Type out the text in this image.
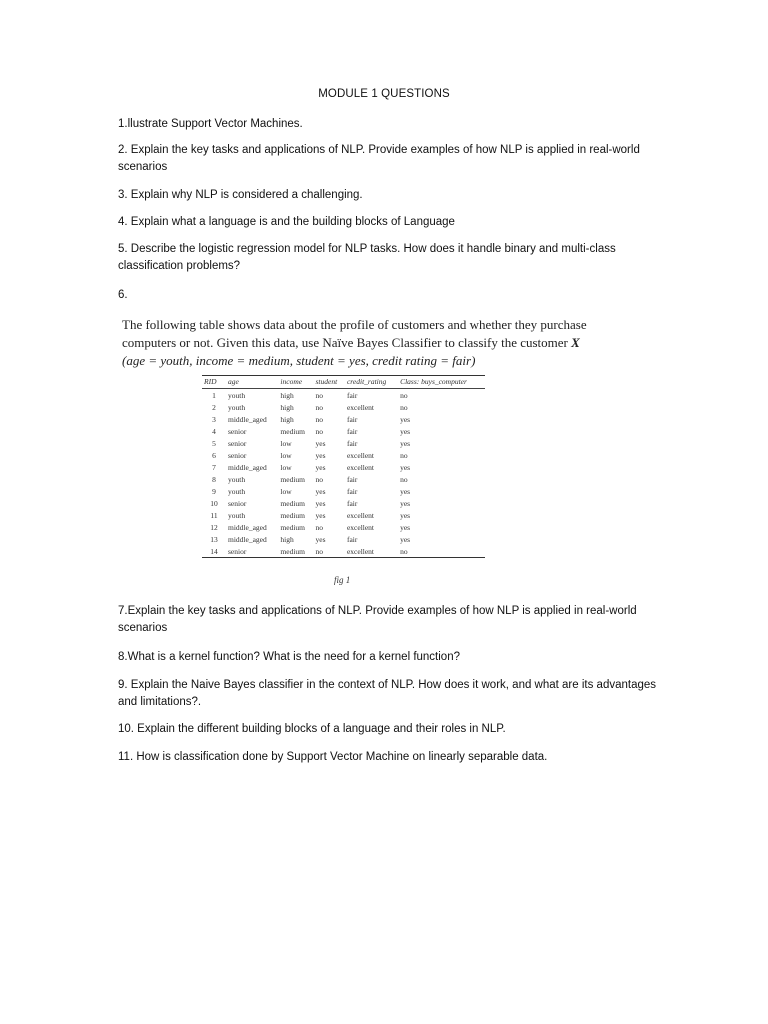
MODULE 1 QUESTIONS
1.llustrate Support Vector Machines.
2. Explain the key tasks and applications of NLP. Provide examples of how NLP is applied in real-world scenarios
3. Explain why NLP is considered a challenging.
4. Explain what a language is and the building blocks of Language
5. Describe the logistic regression model for NLP tasks. How does it handle binary and multi-class classification problems?
6.
The following table shows data about the profile of customers and whether they purchase computers or not. Given this data, use Naïve Bayes Classifier to classify the customer X
(age = youth, income = medium, student = yes, credit rating = fair)
RID	age	income	student	credit_rating	Class: buys_computer
1	youth	high	no	fair	no
2	youth	high	no	excellent	no
3	middle_aged	high	no	fair	yes
4	senior	medium	no	fair	yes
5	senior	low	yes	fair	yes
6	senior	low	yes	excellent	no
7	middle_aged	low	yes	excellent	yes
8	youth	medium	no	fair	no
9	youth	low	yes	fair	yes
10	senior	medium	yes	fair	yes
11	youth	medium	yes	excellent	yes
12	middle_aged	medium	no	excellent	yes
13	middle_aged	high	yes	fair	yes
14	senior	medium	no	excellent	no
fig 1
7.Explain the key tasks and applications of NLP. Provide examples of how NLP is applied in real-world scenarios
8.What is a kernel function? What is the need for a kernel function?
9. Explain the Naive Bayes classifier in the context of NLP. How does it work, and what are its advantages and limitations?.
10. Explain the different building blocks of a language and their roles in NLP.
11. How is classification done by Support Vector Machine on linearly separable data.
